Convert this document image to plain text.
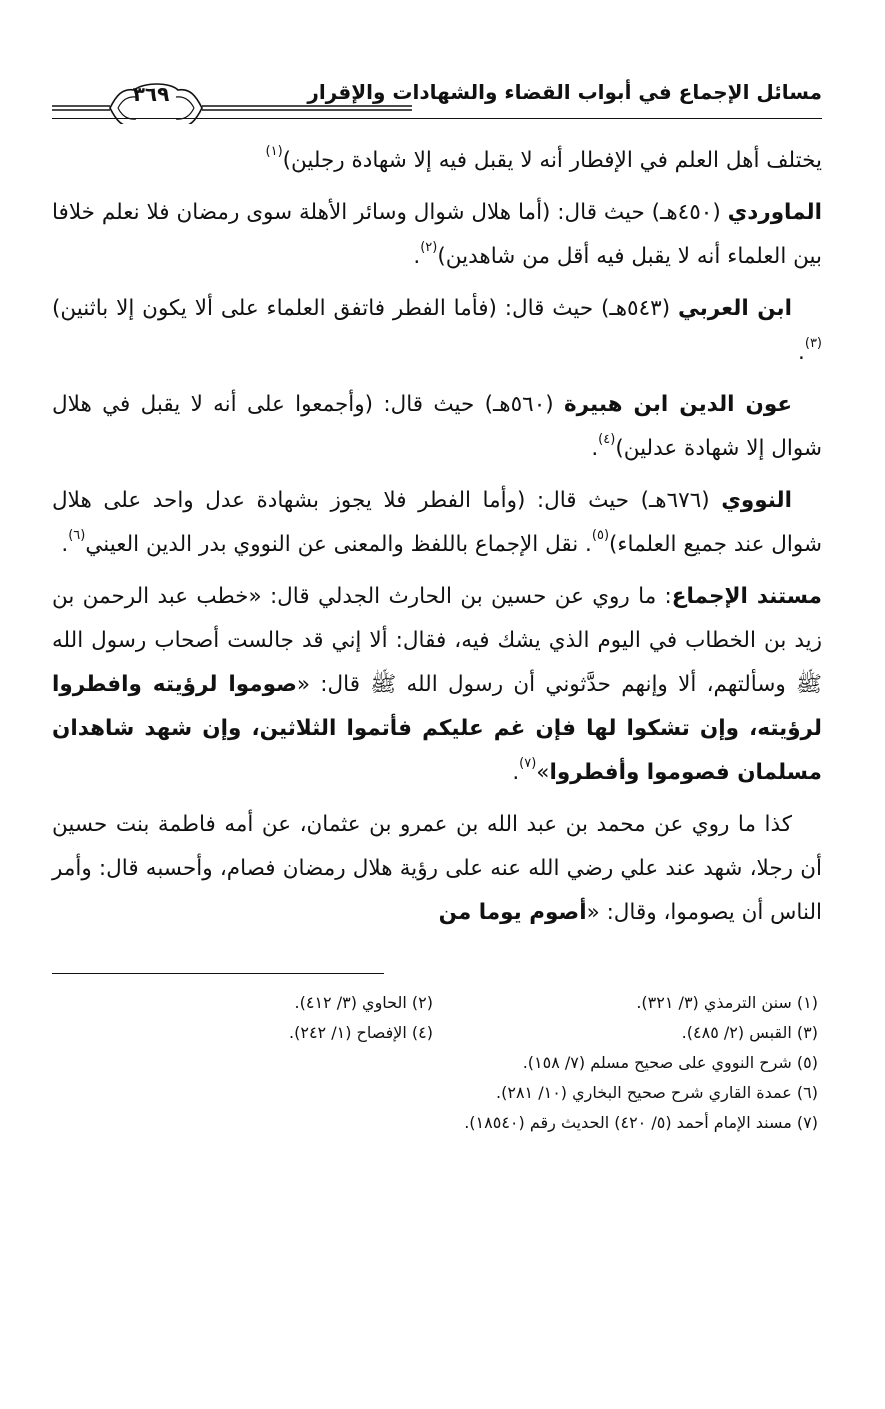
مسائل الإجماع في أبواب القضاء والشهادات والإقرار
٣٦٩

يختلف أهل العلم في الإفطار أنه لا يقبل فيه إلا شهادة رجلين)$^{(١)}$

الماوردي (٤٥٠هـ) حيث قال: (أما هلال شوال وسائر الأهلة سوى رمضان فلا نعلم خلافا بين العلماء أنه لا يقبل فيه أقل من شاهدين)$^{(٢)}$.

ابن العربي (٥٤٣هـ) حيث قال: (فأما الفطر فاتفق العلماء على ألا يكون إلا باثنين)$^{(٣)}$.

عون الدين ابن هبيرة (٥٦٠هـ) حيث قال: (وأجمعوا على أنه لا يقبل في هلال شوال إلا شهادة عدلين)$^{(٤)}$.

النووي (٦٧٦هـ) حيث قال: (وأما الفطر فلا يجوز بشهادة عدل واحد على هلال شوال عند جميع العلماء)$^{(٥)}$. نقل الإجماع باللفظ والمعنى عن النووي بدر الدين العيني$^{(٦)}$.

مستند الإجماع: ما روي عن حسين بن الحارث الجدلي قال: «خطب عبد الرحمن بن زيد بن الخطاب في اليوم الذي يشك فيه، فقال: ألا إني قد جالست أصحاب رسول الله ﷺ وسألتهم، ألا وإنهم حدَّثوني أن رسول الله ﷺ قال: «صوموا لرؤيته وافطروا لرؤيته، وإن تشكوا لها فإن غم عليكم فأتموا الثلاثين، وإن شهد شاهدان مسلمان فصوموا وأفطروا»$^{(٧)}$.

كذا ما روي عن محمد بن عبد الله بن عمرو بن عثمان، عن أمه فاطمة بنت حسين أن رجلا، شهد عند علي رضي الله عنه على رؤية هلال رمضان فصام، وأحسبه قال: وأمر الناس أن يصوموا، وقال: «أصوم يوما من

(١) سنن الترمذي (٣/ ٣٢١).
(٢) الحاوي (٣/ ٤١٢).
(٣) القبس (٢/ ٤٨٥).
(٤) الإفصاح (١/ ٢٤٢).
(٥) شرح النووي على صحيح مسلم (٧/ ١٥٨).
(٦) عمدة القاري شرح صحيح البخاري (١٠/ ٢٨١).
(٧) مسند الإمام أحمد (٥/ ٤٢٠) الحديث رقم (١٨٥٤٠).
